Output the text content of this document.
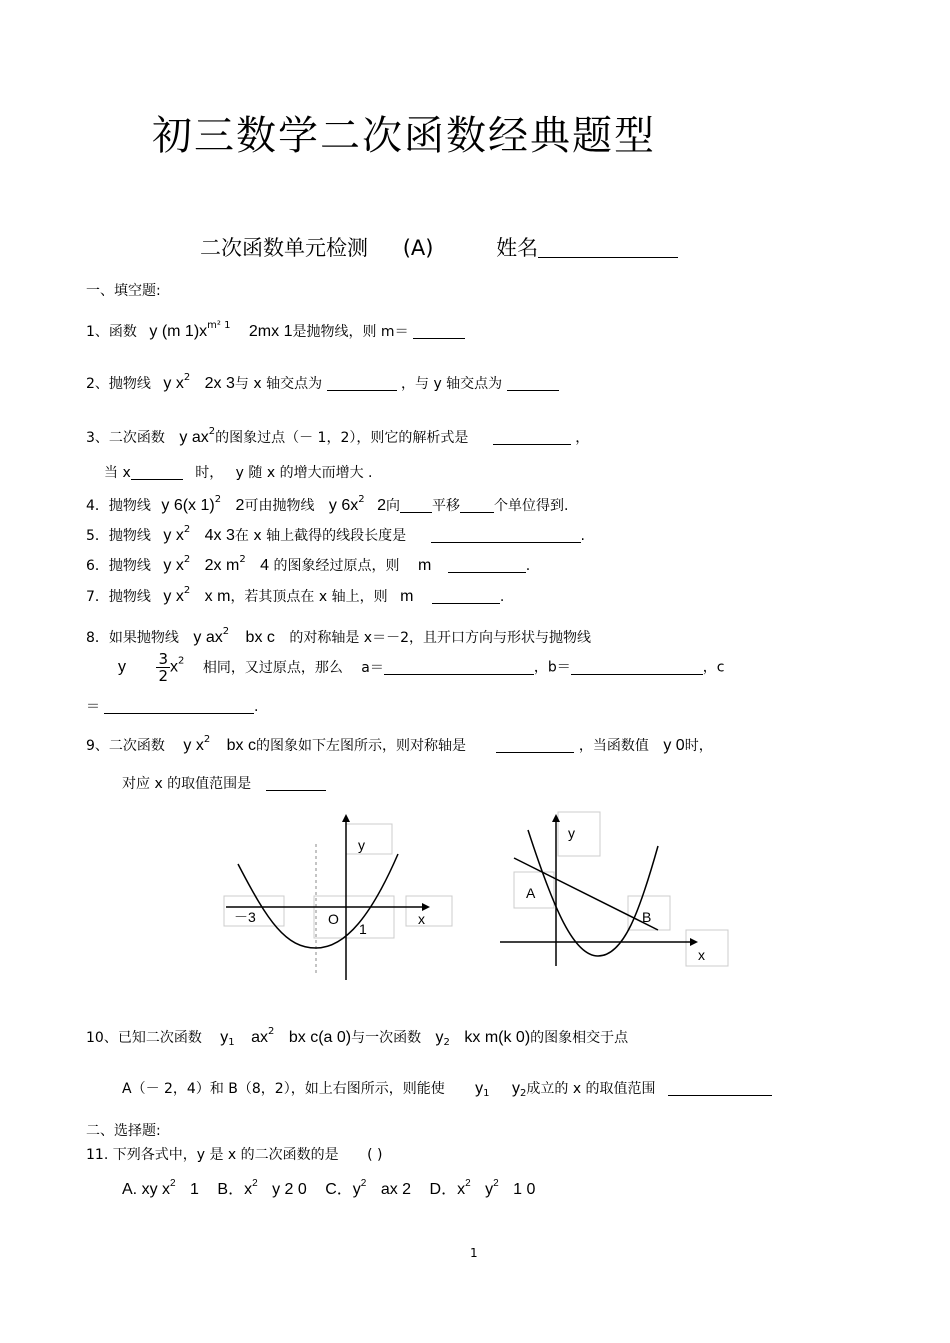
初三数学二次函数经典题型
二次函数单元检测 (A)	姓名
一、填空题:
1、函数 y (m $1)x^{m^2 1}$ 2mx 1是抛物线，则 m＝
2、抛物线 y $x^2$ 2x 3与 x 轴交点为	，与 y 轴交点为
3、二次函数 y $ax^2$的图象过点（－ 1，2），则它的解析式是	，
当 x	时， y 随 x 的增大而增大 .
4．抛物线 y 6(x 1)$^2$ 2可由抛物线 y $6x^2$ 2向 平移 个单位得到.
5．抛物线 y $x^2$ 4x 3在 x 轴上截得的线段长度是	.
6．抛物线 y $x^2$ 2x $m^2$ 4 的图象经过原点，则 m	.
7．抛物线 y $x^2$ x m，若其顶点在 x 轴上，则 m	.
8．如果抛物线 y $ax^2$ bx c 的对称轴是 x＝－2，且开口方向与形状与抛物线
y $\frac{3}{2} x^2$ 相同，又过原点，那么 a＝	，b＝	，c
＝	.
9、二次函数 y $x^2$ bx c的图象如下左图所示，则对称轴是	，当函数值 y 0时，
对应 x 的取值范围是
y
x
－3	O
1
y
x
A
B
10、已知二次函数 $y_1$ $ax^2$ bx c(a 0)与一次函数 $y_2$ kx m(k 0)的图象相交于点
A（－ 2，4）和 B（8，2），如上右图所示，则能使 $y_1$ $y_2$成立的 x 的取值范围
二、选择题:
11. 下列各式中，y 是 x 的二次函数的是 ( )
A. xy $x^2$ 1 B．$x^2$ y 2 0 C．$y^2$ ax 2 D．$x^2$ $y^2$ 1 0
1
